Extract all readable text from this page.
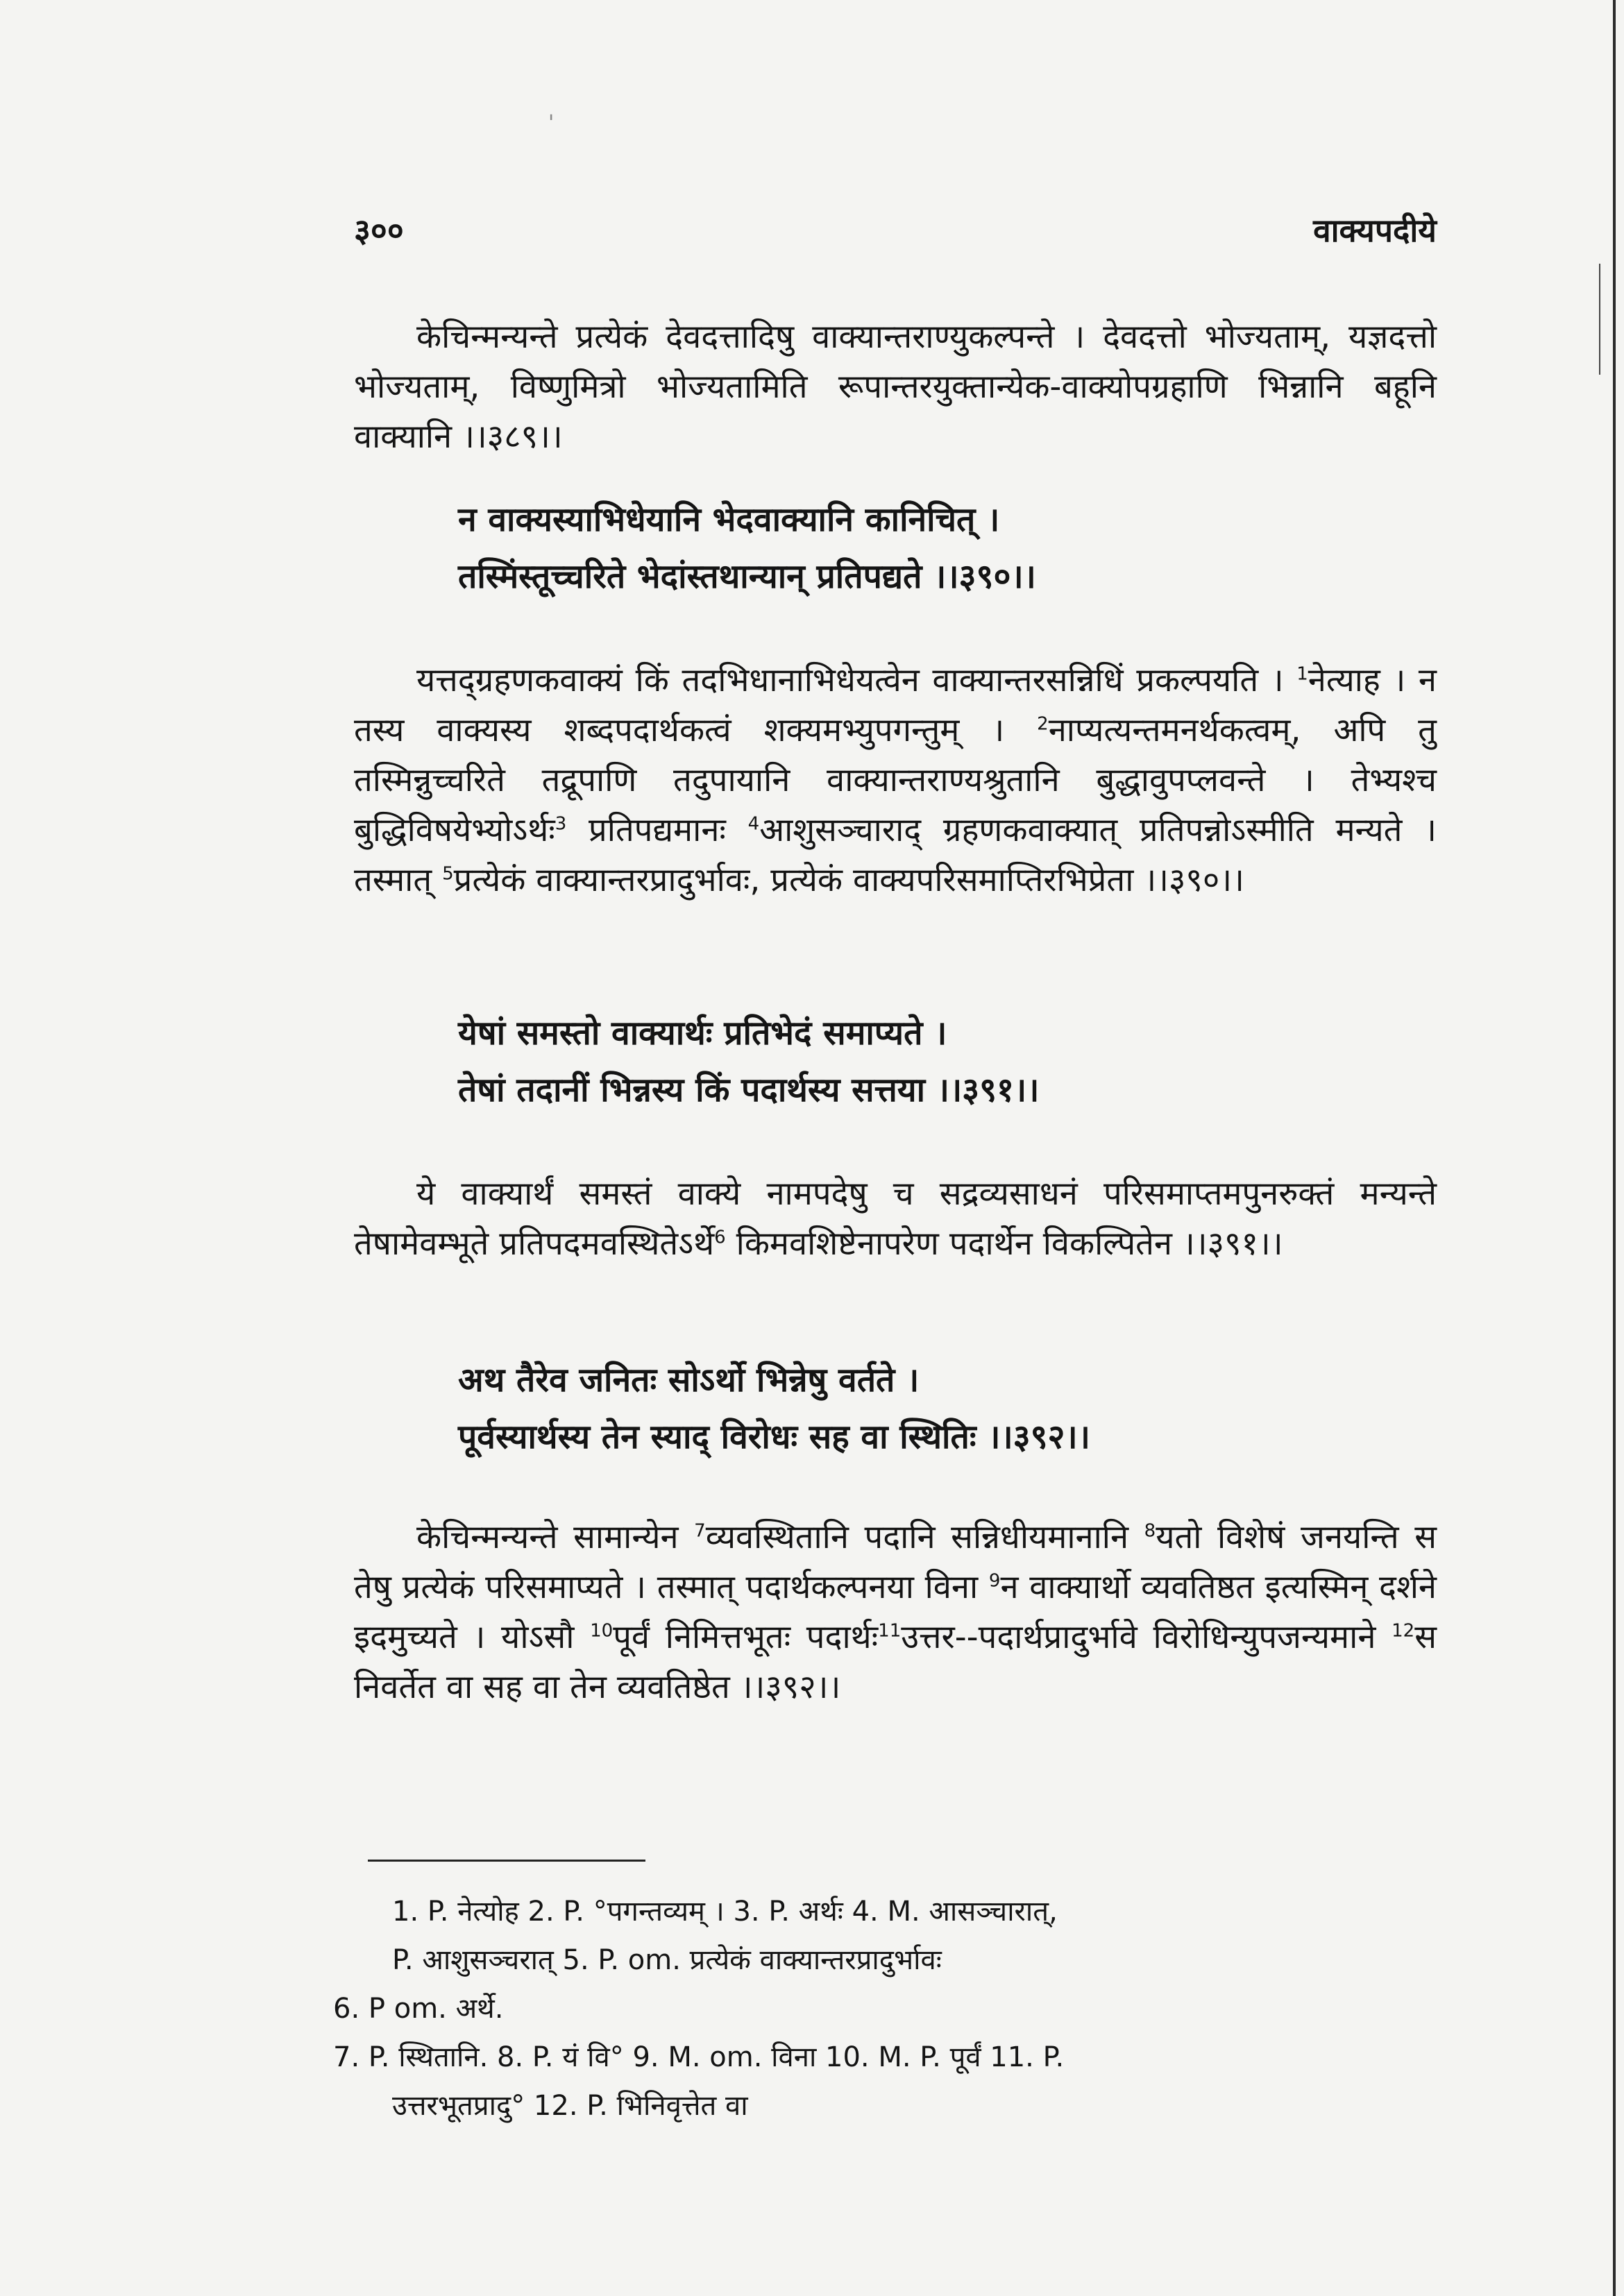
'
३००	वाक्यपदीये

केचिन्मन्यन्ते प्रत्येकं देवदत्तादिषु वाक्यान्तराण्युकल्पन्ते । देवदत्तो भोज्यताम्, यज्ञदत्तो भोज्यताम्, विष्णुमित्रो भोज्यतामिति रूपान्तरयुक्तान्येक-वाक्योपग्रहाणि भिन्नानि बहूनि वाक्यानि ।।३८९।।

न वाक्यस्याभिधेयानि भेदवाक्यानि कानिचित् ।
तस्मिंस्तूच्चरिते भेदांस्तथान्यान् प्रतिपद्यते ।।३९०।।

यत्तद्ग्रहणकवाक्यं किं तदभिधानाभिधेयत्वेन वाक्यान्तरसन्निधिं प्रकल्पयति । $^1$नेत्याह । न तस्य वाक्यस्य शब्दपदार्थकत्वं शक्यमभ्युपगन्तुम् । $^2$नाप्यत्यन्तमनर्थकत्वम्, अपि तु तस्मिन्नुच्चरिते तद्रूपाणि तदुपायानि वाक्यान्तराण्यश्रुतानि बुद्धावुपप्लवन्ते । तेभ्यश्च बुद्धिविषयेभ्योऽर्थः$^3$ प्रतिपद्यमानः $^4$आशुसञ्चाराद् ग्रहणकवाक्यात् प्रतिपन्नोऽस्मीति मन्यते । तस्मात् $^5$प्रत्येकं वाक्यान्तरप्रादुर्भावः, प्रत्येकं वाक्यपरिसमाप्तिरभिप्रेता ।।३९०।।

येषां समस्तो वाक्यार्थः प्रतिभेदं समाप्यते ।
तेषां तदानीं भिन्नस्य किं पदार्थस्य सत्तया ।।३९१।।

ये वाक्यार्थं समस्तं वाक्ये नामपदेषु च सद्रव्यसाधनं परिसमाप्तमपुनरुक्तं मन्यन्ते तेषामेवम्भूते प्रतिपदमवस्थितेऽर्थे$^6$ किमवशिष्टेनापरेण पदार्थेन विकल्पितेन ।।३९१।।

अथ तैरेव जनितः सोऽर्थो भिन्नेषु वर्तते ।
पूर्वस्यार्थस्य तेन स्याद् विरोधः सह वा स्थितिः ।।३९२।।

केचिन्मन्यन्ते सामान्येन $^7$व्यवस्थितानि पदानि सन्निधीयमानानि $^8$यतो विशेषं जनयन्ति स तेषु प्रत्येकं परिसमाप्यते । तस्मात् पदार्थकल्पनया विना $^9$न वाक्यार्थो व्यवतिष्ठत इत्यस्मिन् दर्शने इदमुच्यते । योऽसौ $^{10}$पूर्वं निमित्तभूतः पदार्थः$^{11}$उत्तर--पदार्थप्रादुर्भावे विरोधिन्युपजन्यमाने $^{12}$स निवर्तेत वा सह वा तेन व्यवतिष्ठेत ।।३९२।।

1. P. नेत्योह 2. P. °पगन्तव्यम् । 3. P. अर्थः 4. M. आसञ्चारात्,
P. आशुसञ्चरात् 5. P. om. प्रत्येकं वाक्यान्तरप्रादुर्भावः
6. P om. अर्थे.
7. P. स्थितानि. 8. P. यं वि° 9. M. om. विना 10. M. P. पूर्वं 11. P.
उत्तरभूतप्रादु° 12. P. भिनिवृत्तेत वा
